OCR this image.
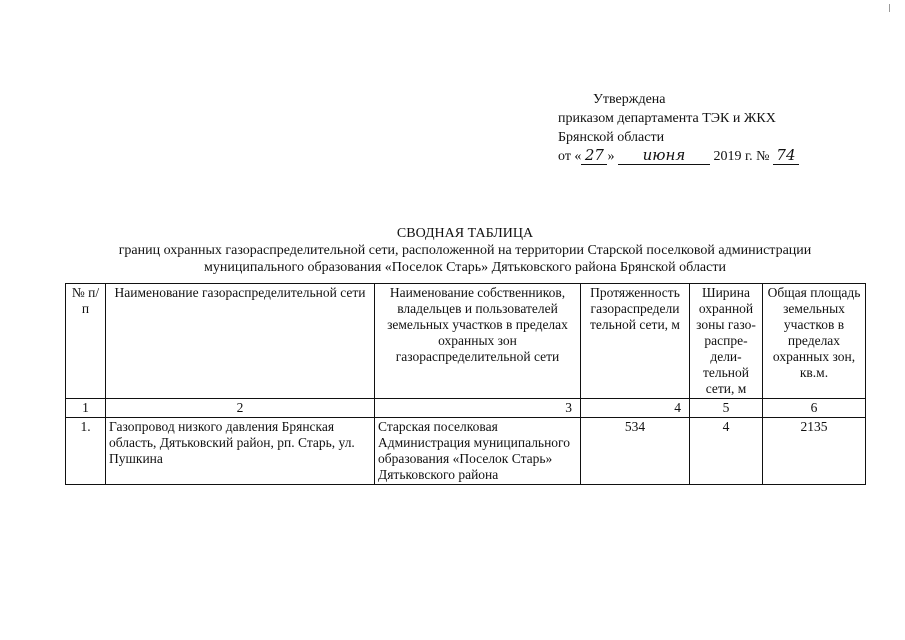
Утверждена
приказом департамента ТЭК и ЖКХ
Брянской области
от « 27 » июня 2019 г. № 74
СВОДНАЯ ТАБЛИЦА
границ охранных газораспределительной сети, расположенной на территории Старской поселковой администрации
муниципального образования «Поселок Старь» Дятьковского района Брянской области
№ п/п	Наименование газораспределительной сети	Наименование собственников, владельцев и пользователей земельных участков в пределах охранных зон газораспределительной сети	Протяженность газораспредели тельной сети, м	Ширина охранной зоны газо- распре- дели- тельной сети, м	Общая площадь земельных участков в пределах охранных зон, кв.м.
1	2	3	4	5	6
1.	Газопровод низкого давления Брянская область, Дятьковский район, рп. Старь, ул. Пушкина	Старская поселковая Администрация муниципального образования «Поселок Старь» Дятьковского района	534	4	2135
